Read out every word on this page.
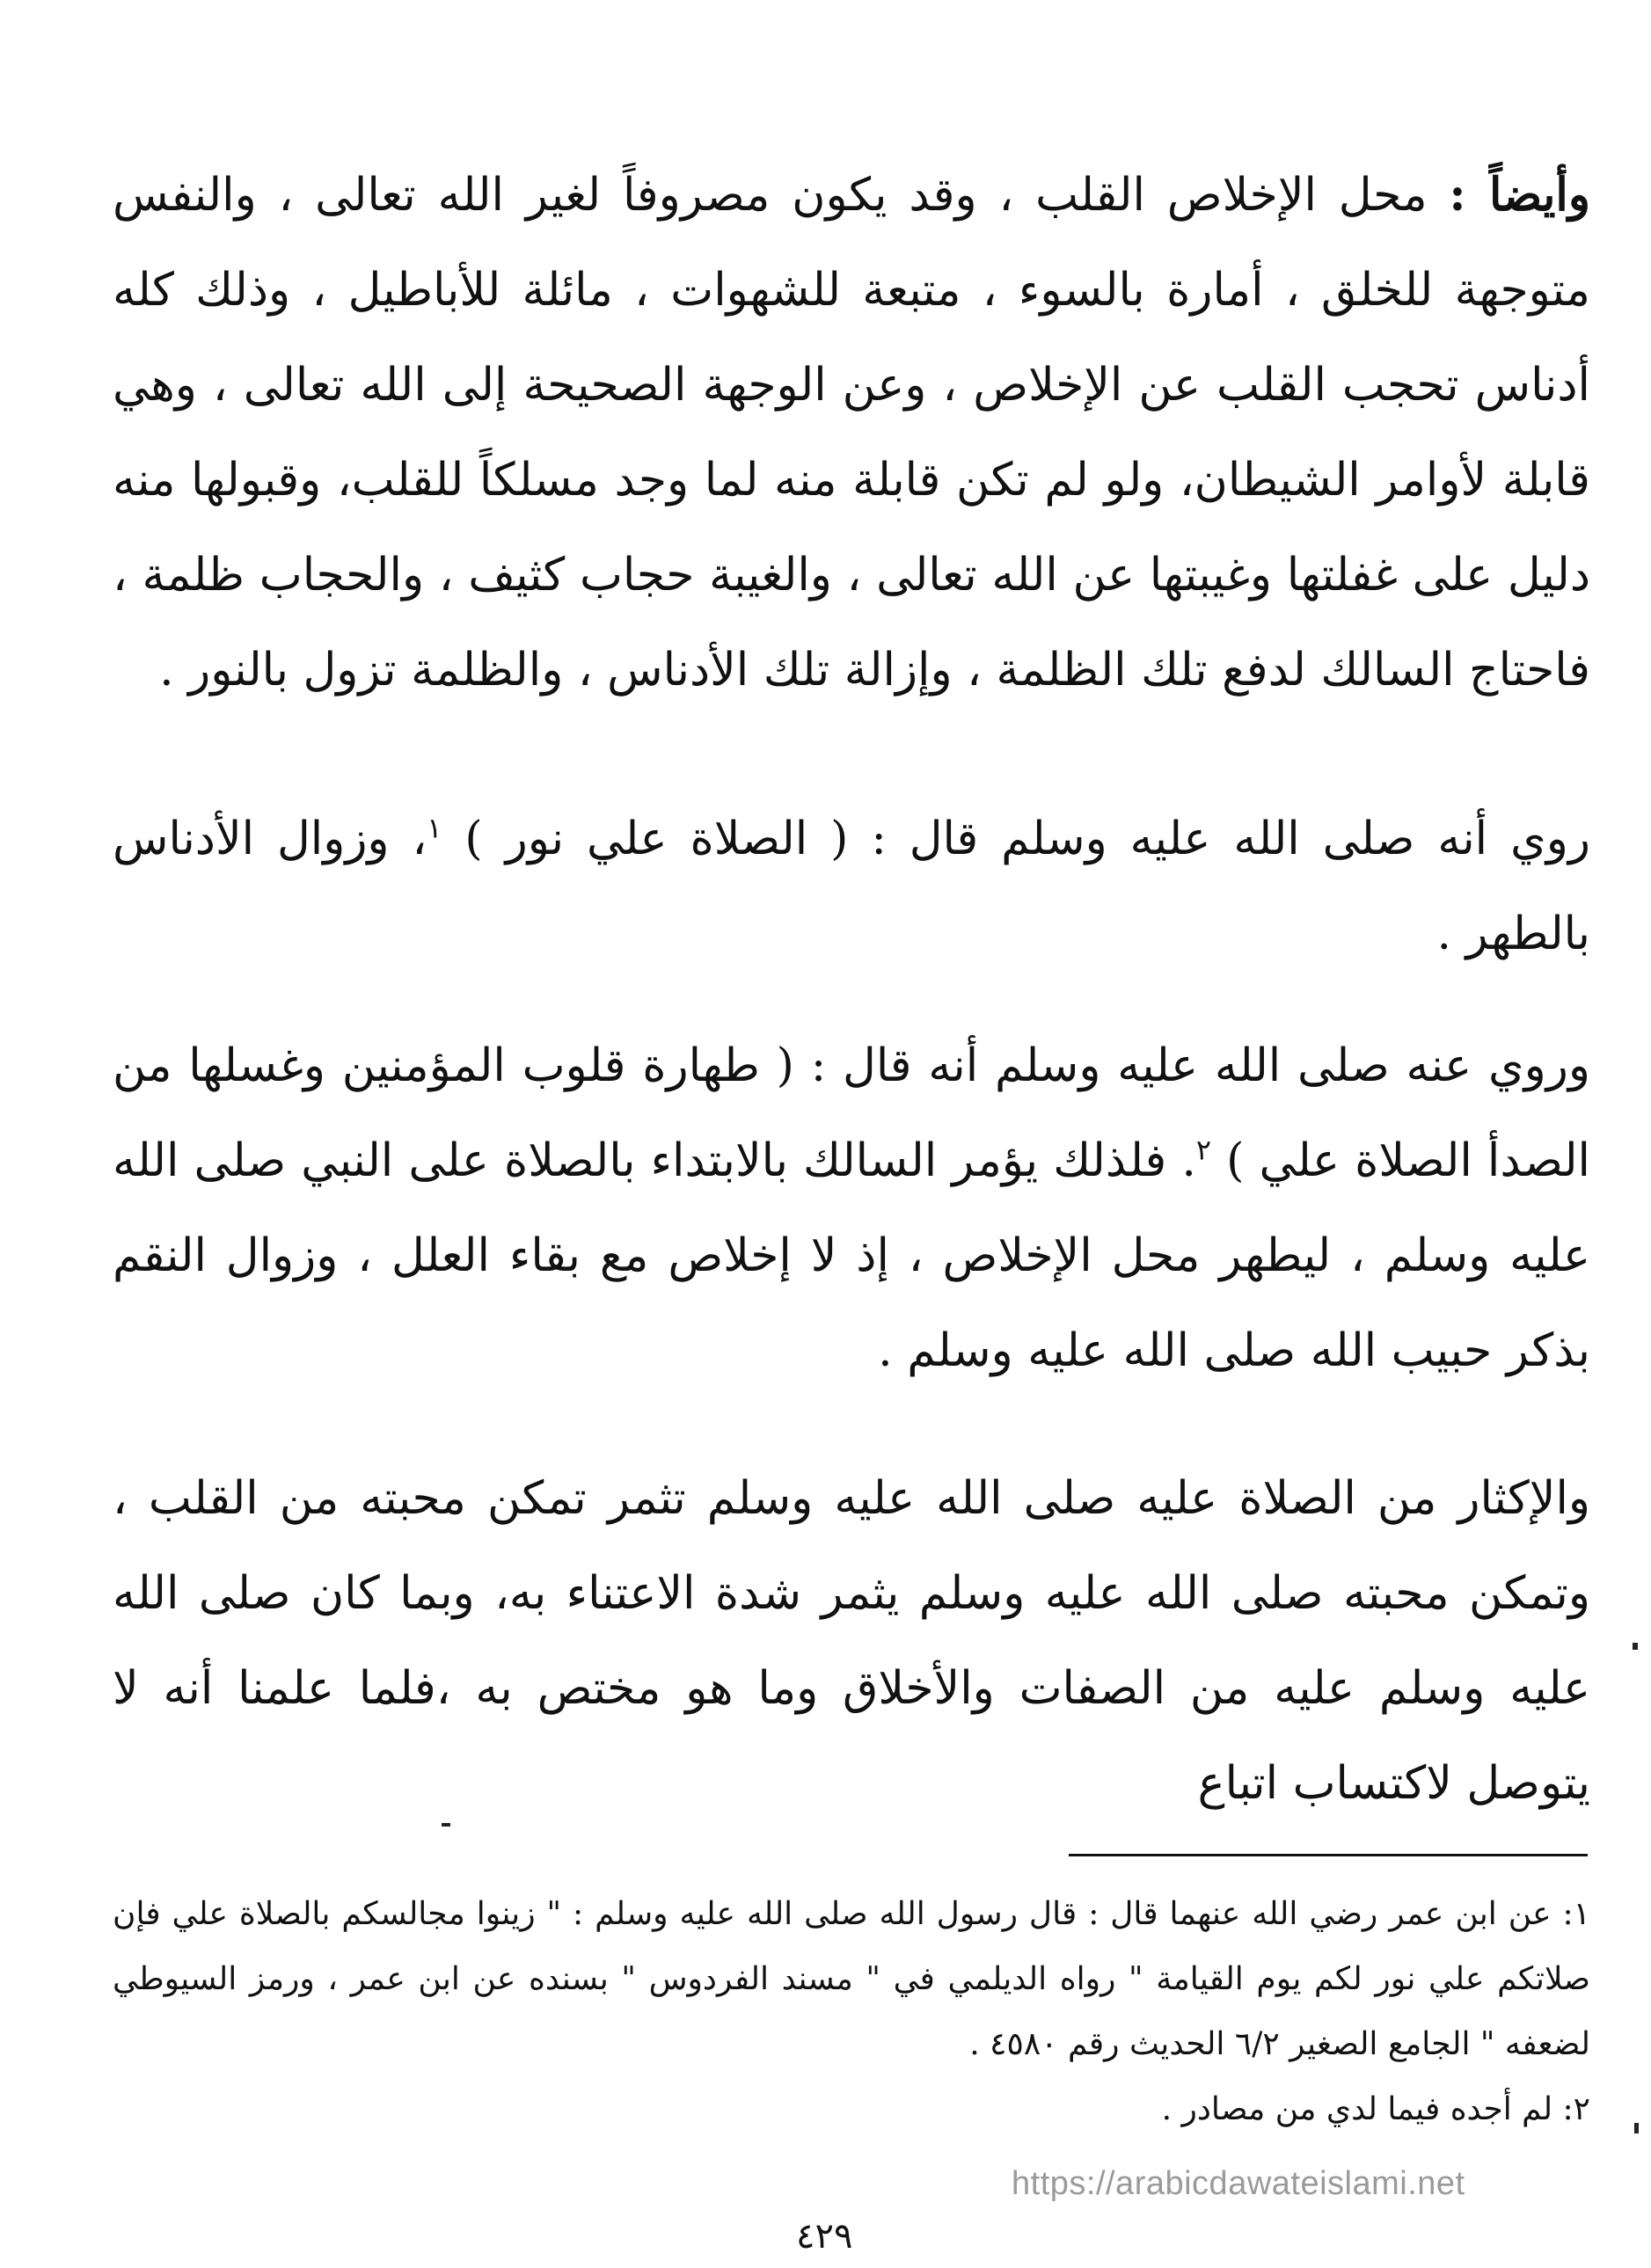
وأيضاً : محل الإخلاص القلب ، وقد يكون مصروفاً لغير الله تعالى ، والنفس متوجهة للخلق ، أمارة بالسوء ، متبعة للشهوات ، مائلة للأباطيل ، وذلك كله أدناس تحجب القلب عن الإخلاص ، وعن الوجهة الصحيحة إلى الله تعالى ، وهي قابلة لأوامر الشيطان، ولو لم تكن قابلة منه لما وجد مسلكاً للقلب، وقبولها منه دليل على غفلتها وغيبتها عن الله تعالى ، والغيبة حجاب كثيف ، والحجاب ظلمة ، فاحتاج السالك لدفع تلك الظلمة ، وإزالة تلك الأدناس ، والظلمة تزول بالنور .

روي أنه صلى الله عليه وسلم قال : ( الصلاة علي نور ) $^١$، وزوال الأدناس بالطهر .

وروي عنه صلى الله عليه وسلم أنه قال : ( طهارة قلوب المؤمنين وغسلها من الصدأ الصلاة علي ) $^٢$. فلذلك يؤمر السالك بالابتداء بالصلاة على النبي صلى الله عليه وسلم ، ليطهر محل الإخلاص ، إذ لا إخلاص مع بقاء العلل ، وزوال النقم بذكر حبيب الله صلى الله عليه وسلم .

والإكثار من الصلاة عليه صلى الله عليه وسلم تثمر تمكن محبته من القلب ، وتمكن محبته صلى الله عليه وسلم يثمر شدة الاعتناء به، وبما كان صلى الله عليه وسلم عليه من الصفات والأخلاق وما هو مختص به ،فلما علمنا أنه لا يتوصل لاكتساب اتباع

١: عن ابن عمر رضي الله عنهما قال : قال رسول الله صلى الله عليه وسلم : " زينوا مجالسكم بالصلاة علي فإن صلاتكم علي نور لكم يوم القيامة " رواه الديلمي في " مسند الفردوس " بسنده عن ابن عمر ، ورمز السيوطي لضعفه " الجامع الصغير ٦/٢ الحديث رقم ٤٥٨٠ .

٢: لم أجده فيما لدي من مصادر .

https://arabicdawateislami.net
٤٢٩
